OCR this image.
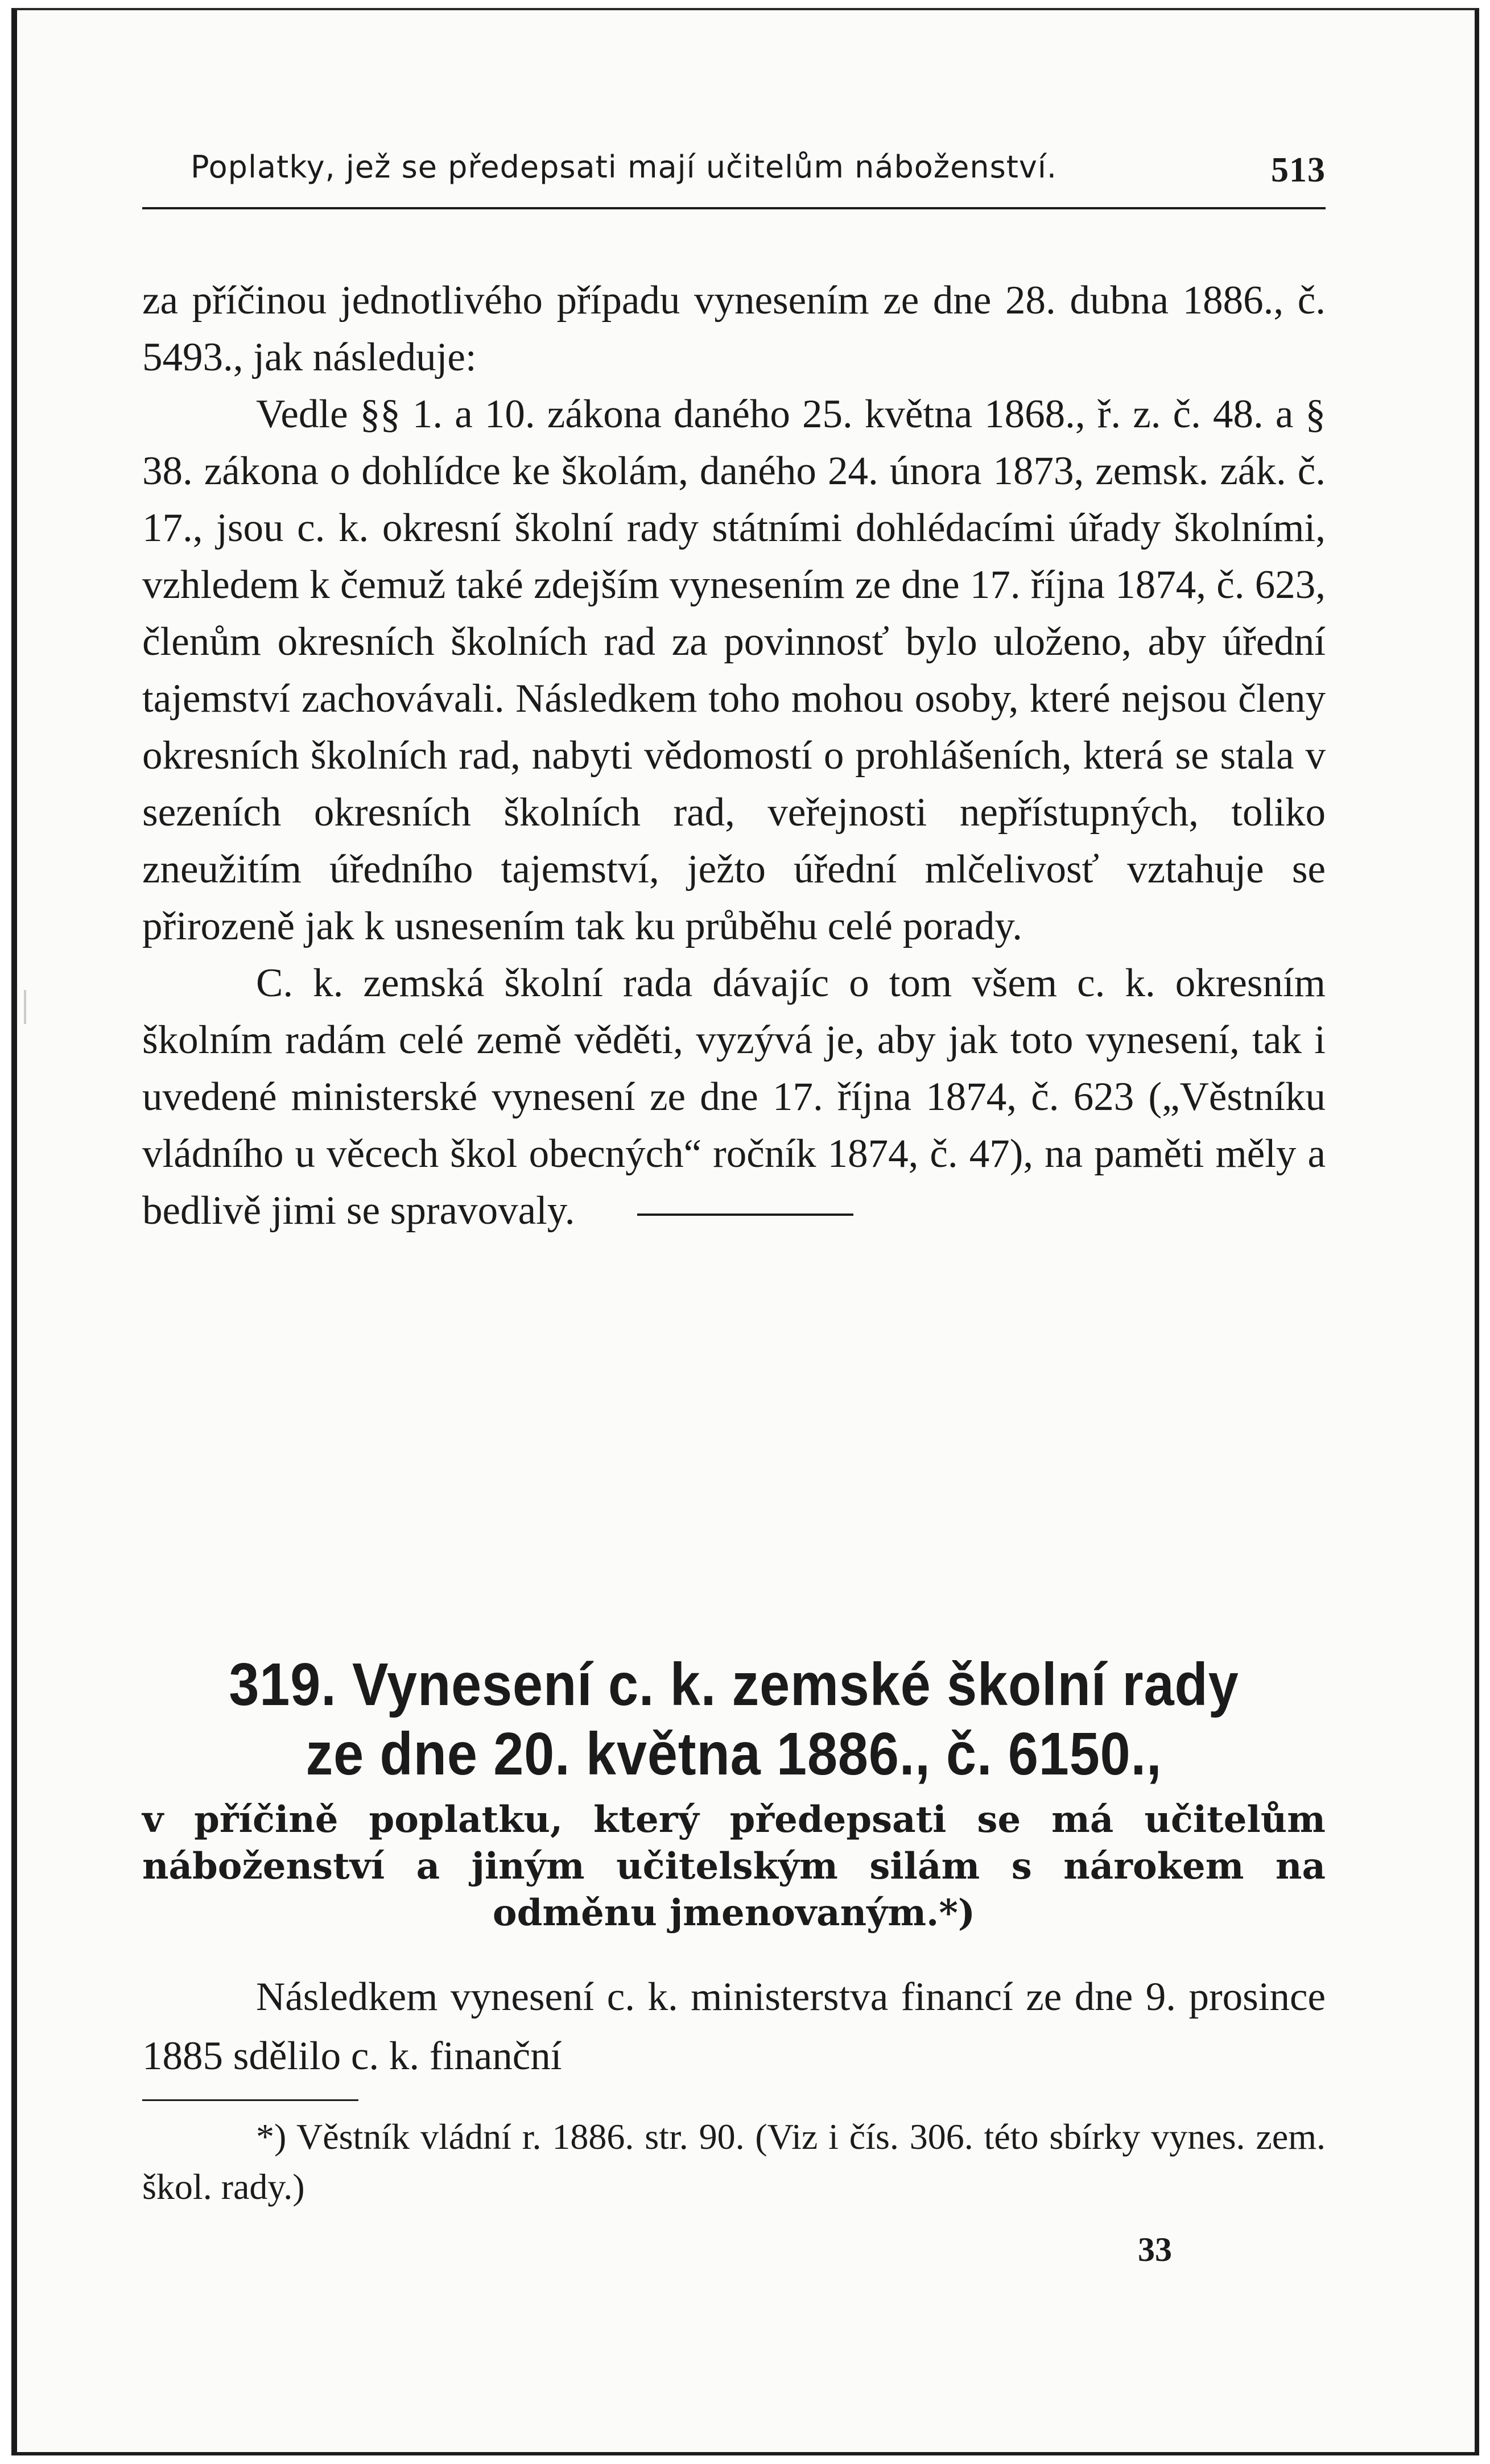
Poplatky, jež se předepsati mají učitelům náboženství.	513

za příčinou jednotlivého případu vynesením ze dne 28. dubna 1886., č. 5493., jak následuje:

Vedle §§ 1. a 10. zákona daného 25. května 1868., ř. z. č. 48. a § 38. zákona o dohlídce ke školám, daného 24. února 1873, zemsk. zák. č. 17., jsou c. k. okresní školní rady státními dohlédacími úřady školními, vzhledem k čemuž také zdejším vynesením ze dne 17. října 1874, č. 623, členům okresních školních rad za povinnosť bylo uloženo, aby úřední tajemství zachovávali. Následkem toho mohou osoby, které nejsou členy okresních školních rad, nabyti vědomostí o prohlášeních, která se stala v sezeních okresních školních rad, veřejnosti nepřístupných, toliko zneužitím úředního tajemství, ježto úřední mlčelivosť vztahuje se přirozeně jak k usnesením tak ku průběhu celé porady.

C. k. zemská školní rada dávajíc o tom všem c. k. okresním školním radám celé země věděti, vyzývá je, aby jak toto vynesení, tak i uvedené ministerské vynesení ze dne 17. října 1874, č. 623 („Věstníku vládního u věcech škol obecných“ ročník 1874, č. 47), na paměti měly a bedlivě jimi se spravovaly.

319. Vynesení c. k. zemské školní rady
ze dne 20. května 1886., č. 6150.,
v příčině poplatku, který předepsati se má učitelům náboženství a jiným učitelským silám s nárokem na odměnu jmenovaným.*)

Následkem vynesení c. k. ministerstva financí ze dne 9. prosince 1885 sdělilo c. k. finanční

*) Věstník vládní r. 1886. str. 90. (Viz i čís. 306. této sbírky vynes. zem. škol. rady.)

33
